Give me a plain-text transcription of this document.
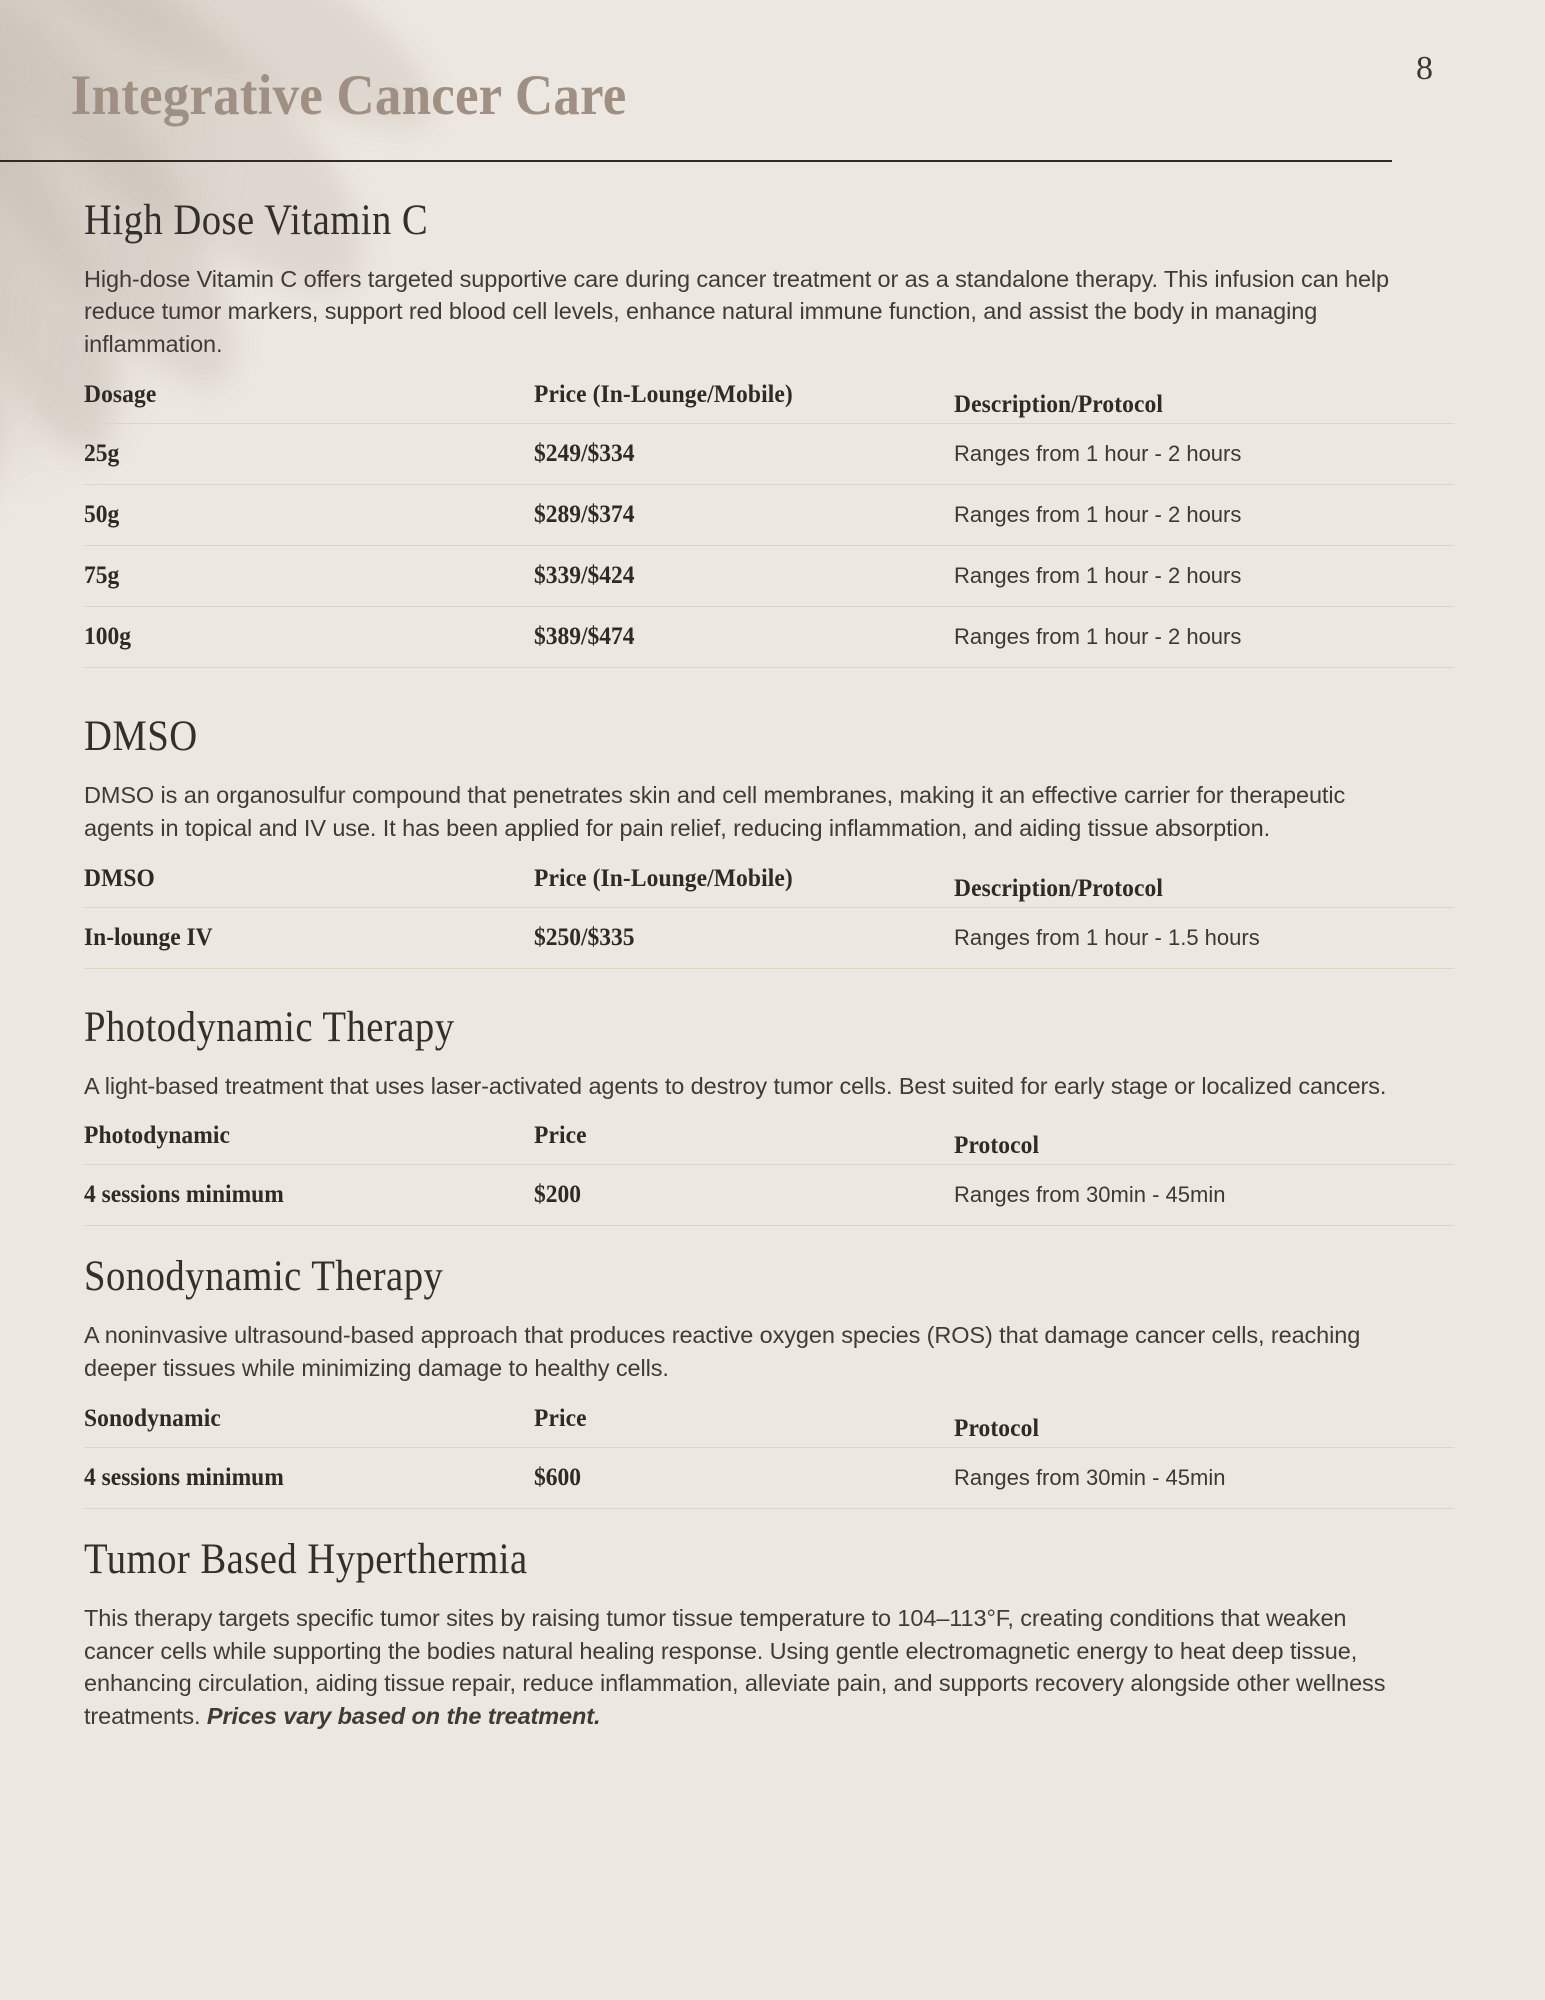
Integrative Cancer Care	8
High Dose Vitamin C

High-dose Vitamin C offers targeted supportive care during cancer treatment or as a standalone therapy. This infusion can help reduce tumor markers, support red blood cell levels, enhance natural immune function, and assist the body in managing inflammation.

Dosage	Price (In-Lounge/Mobile)	Description/Protocol
25g	$249/$334	Ranges from 1 hour - 2 hours
50g	$289/$374	Ranges from 1 hour - 2 hours
75g	$339/$424	Ranges from 1 hour - 2 hours
100g	$389/$474	Ranges from 1 hour - 2 hours
DMSO

DMSO is an organosulfur compound that penetrates skin and cell membranes, making it an effective carrier for therapeutic agents in topical and IV use. It has been applied for pain relief, reducing inflammation, and aiding tissue absorption.

DMSO	Price (In-Lounge/Mobile)	Description/Protocol
In-lounge IV	$250/$335	Ranges from 1 hour - 1.5 hours
Photodynamic Therapy

A light-based treatment that uses laser-activated agents to destroy tumor cells. Best suited for early stage or localized cancers.

Photodynamic	Price	Protocol
4 sessions minimum	$200	Ranges from 30min - 45min
Sonodynamic Therapy

A noninvasive ultrasound-based approach that produces reactive oxygen species (ROS) that damage cancer cells, reaching deeper tissues while minimizing damage to healthy cells.

Sonodynamic	Price	Protocol
4 sessions minimum	$600	Ranges from 30min - 45min
Tumor Based Hyperthermia

This therapy targets specific tumor sites by raising tumor tissue temperature to 104–113°F, creating conditions that weaken cancer cells while supporting the bodies natural healing response. Using gentle electromagnetic energy to heat deep tissue, enhancing circulation, aiding tissue repair, reduce inflammation, alleviate pain, and supports recovery alongside other wellness treatments. Prices vary based on the treatment.
